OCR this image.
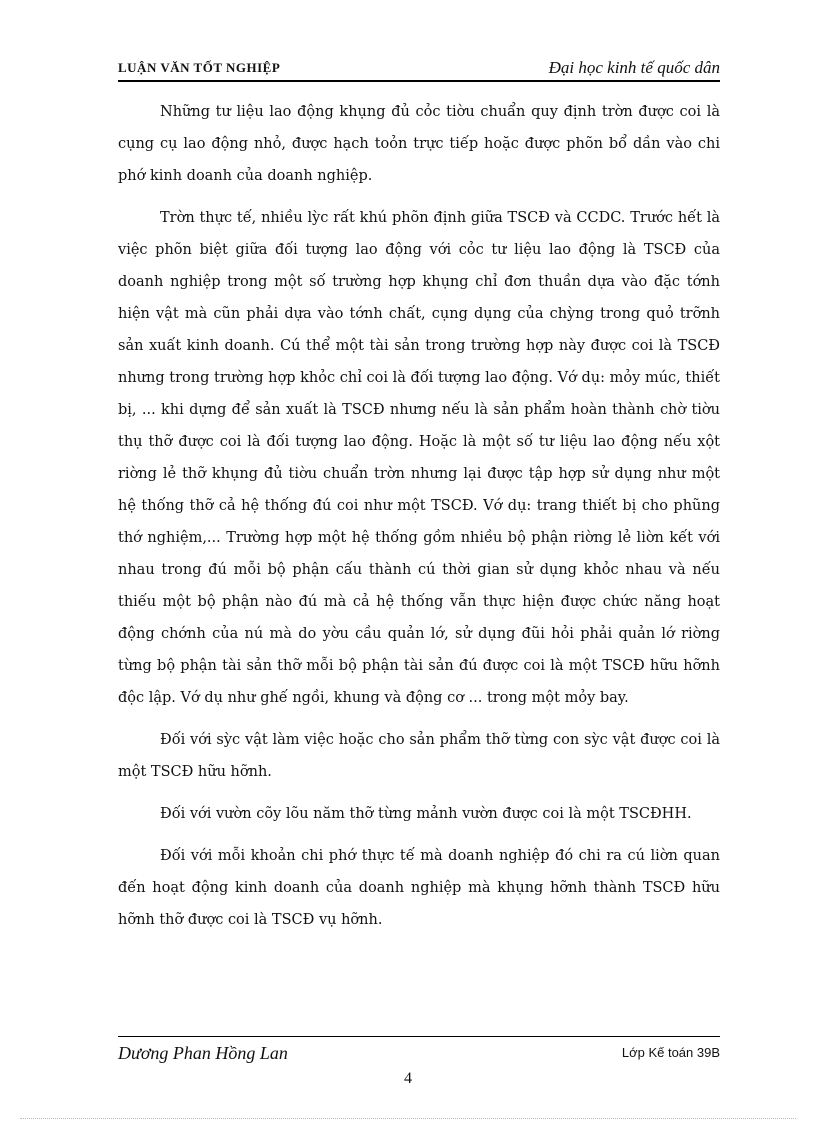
LUẬN VĂN TỐT NGHIỆP	Đại học kinh tế quốc dân

Những tư liệu lao động khụng đủ cỏc tiờu chuẩn quy định trờn được coi là cụng cụ lao động nhỏ, được hạch toỏn trực tiếp hoặc được phõn bổ dần vào chi phớ kinh doanh của doanh nghiệp.

Trờn thực tế, nhiều lỳc rất khú phõn định giữa TSCĐ và CCDC. Trước hết là việc phõn biệt giữa đối tượng lao động với cỏc tư liệu lao động là TSCĐ của doanh nghiệp trong một số trường hợp khụng chỉ đơn thuần dựa vào đặc tớnh hiện vật mà cũn phải dựa vào tớnh chất, cụng dụng của chỳng trong quỏ trỡnh sản xuất kinh doanh. Cú thể một tài sản trong trường hợp này được coi là TSCĐ nhưng trong trường hợp khỏc chỉ coi là đối tượng lao động. Vớ dụ: mỏy múc, thiết bị, ... khi dựng để sản xuất là TSCĐ nhưng nếu là sản phẩm hoàn thành chờ tiờu thụ thỡ được coi là đối tượng lao động. Hoặc là một số tư liệu lao động nếu xột riờng lẻ thỡ khụng đủ tiờu chuẩn trờn nhưng lại được tập hợp sử dụng như một hệ thống thỡ cả hệ thống đú coi như một TSCĐ. Vớ dụ: trang thiết bị cho phũng thớ nghiệm,... Trường hợp một hệ thống gồm nhiều bộ phận riờng lẻ liờn kết với nhau trong đú mỗi bộ phận cấu thành cú thời gian sử dụng khỏc nhau và nếu thiếu một bộ phận nào đú mà cả hệ thống vẫn thực hiện được chức năng hoạt động chớnh của nú mà do yờu cầu quản lớ, sử dụng đũi hỏi phải quản lớ riờng từng bộ phận tài sản thỡ mỗi bộ phận tài sản đú được coi là một TSCĐ hữu hỡnh độc lập. Vớ dụ như ghế ngồi, khung và động cơ ... trong một mỏy bay.

Đối với sỳc vật làm việc hoặc cho sản phẩm thỡ từng con sỳc vật được coi là một TSCĐ hữu hỡnh.

Đối với vườn cõy lõu năm thỡ từng mảnh vườn được coi là một TSCĐHH.

Đối với mỗi khoản chi phớ thực tế mà doanh nghiệp đó chi ra cú liờn quan đến hoạt động kinh doanh của doanh nghiệp mà khụng hỡnh thành TSCĐ hữu hỡnh thỡ được coi là TSCĐ vụ hỡnh.

Dương Phan Hồng Lan	Lớp Kế toán 39B
4
